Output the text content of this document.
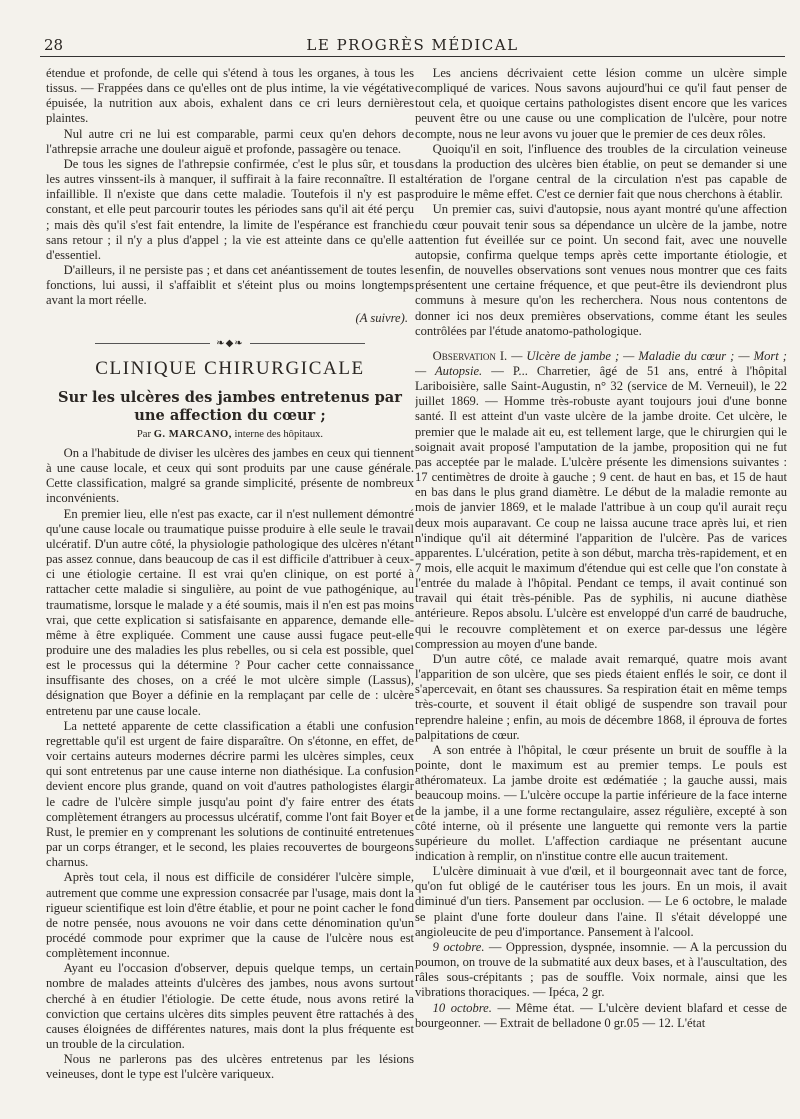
28	LE PROGRÈS MÉDICAL

étendue et profonde, de celle qui s'étend à tous les organes, à tous les tissus. — Frappées dans ce qu'elles ont de plus intime, la vie végétative épuisée, la nutrition aux abois, exhalent dans ce cri leurs dernières plaintes.

Nul autre cri ne lui est comparable, parmi ceux qu'en dehors de l'athrepsie arrache une douleur aiguë et profonde, passagère ou tenace.

De tous les signes de l'athrepsie confirmée, c'est le plus sûr, et tous les autres vinssent-ils à manquer, il suffirait à la faire reconnaître. Il est infaillible. Il n'existe que dans cette maladie. Toutefois il n'y est pas constant, et elle peut parcourir toutes les périodes sans qu'il ait été perçu ; mais dès qu'il s'est fait entendre, la limite de l'espérance est franchie sans retour ; il n'y a plus d'appel ; la vie est atteinte dans ce qu'elle a d'essentiel.

D'ailleurs, il ne persiste pas ; et dans cet anéantissement de toutes les fonctions, lui aussi, il s'affaiblit et s'éteint plus ou moins longtemps avant la mort réelle.

(A suivre).
❧◆❧
CLINIQUE CHIRURGICALE
Sur les ulcères des jambes entretenus par une affection du cœur ;
Par G. MARCANO, interne des hôpitaux.

On a l'habitude de diviser les ulcères des jambes en ceux qui tiennent à une cause locale, et ceux qui sont produits par une cause générale. Cette classification, malgré sa grande simplicité, présente de nombreux inconvénients.

En premier lieu, elle n'est pas exacte, car il n'est nullement démontré qu'une cause locale ou traumatique puisse produire à elle seule le travail ulcératif. D'un autre côté, la physiologie pathologique des ulcères n'étant pas assez connue, dans beaucoup de cas il est difficile d'attribuer à ceux-ci une étiologie certaine. Il est vrai qu'en clinique, on est porté à rattacher cette maladie si singulière, au point de vue pathogénique, au traumatisme, lorsque le malade y a été soumis, mais il n'en est pas moins vrai, que cette explication si satisfaisante en apparence, demande elle-même à être expliquée. Comment une cause aussi fugace peut-elle produire une des maladies les plus rebelles, ou si cela est possible, quel est le processus qui la détermine ? Pour cacher cette connaissance insuffisante des choses, on a créé le mot ulcère simple (Lassus), désignation que Boyer a définie en la remplaçant par celle de : ulcère entretenu par une cause locale.

La netteté apparente de cette classification a établi une confusion regrettable qu'il est urgent de faire disparaître. On s'étonne, en effet, de voir certains auteurs modernes décrire parmi les ulcères simples, ceux qui sont entretenus par une cause interne non diathésique. La confusion devient encore plus grande, quand on voit d'autres pathologistes élargir le cadre de l'ulcère simple jusqu'au point d'y faire entrer des états complètement étrangers au processus ulcératif, comme l'ont fait Boyer et Rust, le premier en y comprenant les solutions de continuité entretenues par un corps étranger, et le second, les plaies recouvertes de bourgeons charnus.

Après tout cela, il nous est difficile de considérer l'ulcère simple, autrement que comme une expression consacrée par l'usage, mais dont la rigueur scientifique est loin d'être établie, et pour ne point cacher le fond de notre pensée, nous avouons ne voir dans cette dénomination qu'un procédé commode pour exprimer que la cause de l'ulcère nous est complètement inconnue.

Ayant eu l'occasion d'observer, depuis quelque temps, un certain nombre de malades atteints d'ulcères des jambes, nous avons surtout cherché à en étudier l'étiologie. De cette étude, nous avons retiré la conviction que certains ulcères dits simples peuvent être rattachés à des causes éloignées de différentes natures, mais dont la plus fréquente est un trouble de la circulation.

Nous ne parlerons pas des ulcères entretenus par les lésions veineuses, dont le type est l'ulcère variqueux.

Les anciens décrivaient cette lésion comme un ulcère simple compliqué de varices. Nous savons aujourd'hui ce qu'il faut penser de tout cela, et quoique certains pathologistes disent encore que les varices peuvent être ou une cause ou une complication de l'ulcère, pour notre compte, nous ne leur avons vu jouer que le premier de ces deux rôles.

Quoiqu'il en soit, l'influence des troubles de la circulation veineuse dans la production des ulcères bien établie, on peut se demander si une altération de l'organe central de la circulation n'est pas capable de produire le même effet. C'est ce dernier fait que nous cherchons à établir.

Un premier cas, suivi d'autopsie, nous ayant montré qu'une affection du cœur pouvait tenir sous sa dépendance un ulcère de la jambe, notre attention fut éveillée sur ce point. Un second fait, avec une nouvelle autopsie, confirma quelque temps après cette importante étiologie, et enfin, de nouvelles observations sont venues nous montrer que ces faits présentent une certaine fréquence, et que peut-être ils deviendront plus communs à mesure qu'on les recherchera. Nous nous contentons de donner ici nos deux premières observations, comme étant les seules contrôlées par l'étude anatomo-pathologique.

Observation I. — Ulcère de jambe ; — Maladie du cœur ; — Mort ; — Autopsie. — P... Charretier, âgé de 51 ans, entré à l'hôpital Lariboisière, salle Saint-Augustin, n° 32 (service de M. Verneuil), le 22 juillet 1869. — Homme très-robuste ayant toujours joui d'une bonne santé. Il est atteint d'un vaste ulcère de la jambe droite. Cet ulcère, le premier que le malade ait eu, est tellement large, que le chirurgien qui le soignait avait proposé l'amputation de la jambe, proposition qui ne fut pas acceptée par le malade. L'ulcère présente les dimensions suivantes : 17 centimètres de droite à gauche ; 9 cent. de haut en bas, et 15 de haut en bas dans le plus grand diamètre. Le début de la maladie remonte au mois de janvier 1869, et le malade l'attribue à un coup qu'il aurait reçu deux mois auparavant. Ce coup ne laissa aucune trace après lui, et rien n'indique qu'il ait déterminé l'apparition de l'ulcère. Pas de varices apparentes. L'ulcération, petite à son début, marcha très-rapidement, et en 7 mois, elle acquit le maximum d'étendue qui est celle que l'on constate à l'entrée du malade à l'hôpital. Pendant ce temps, il avait continué son travail qui était très-pénible. Pas de syphilis, ni aucune diathèse antérieure. Repos absolu. L'ulcère est enveloppé d'un carré de baudruche, qui le recouvre complètement et on exerce par-dessus une légère compression au moyen d'une bande.

D'un autre côté, ce malade avait remarqué, quatre mois avant l'apparition de son ulcère, que ses pieds étaient enflés le soir, ce dont il s'apercevait, en ôtant ses chaussures. Sa respiration était en même temps très-courte, et souvent il était obligé de suspendre son travail pour reprendre haleine ; enfin, au mois de décembre 1868, il éprouva de fortes palpitations de cœur.

A son entrée à l'hôpital, le cœur présente un bruit de souffle à la pointe, dont le maximum est au premier temps. Le pouls est athéromateux. La jambe droite est œdématiée ; la gauche aussi, mais beaucoup moins. — L'ulcère occupe la partie inférieure de la face interne de la jambe, il a une forme rectangulaire, assez régulière, excepté à son côté interne, où il présente une languette qui remonte vers la partie supérieure du mollet. L'affection cardiaque ne présentant aucune indication à remplir, on n'institue contre elle aucun traitement.

L'ulcère diminuait à vue d'œil, et il bourgeonnait avec tant de force, qu'on fut obligé de le cautériser tous les jours. En un mois, il avait diminué d'un tiers. Pansement par occlusion. — Le 6 octobre, le malade se plaint d'une forte douleur dans l'aine. Il s'était développé une angioleucite de peu d'importance. Pansement à l'alcool.

9 octobre. — Oppression, dyspnée, insomnie. — A la percussion du poumon, on trouve de la submatité aux deux bases, et à l'auscultation, des râles sous-crépitants ; pas de souffle. Voix normale, ainsi que les vibrations thoraciques. — Ipéca, 2 gr.

10 octobre. — Même état. — L'ulcère devient blafard et cesse de bourgeonner. — Extrait de belladone 0 gr.05 — 12. L'état
